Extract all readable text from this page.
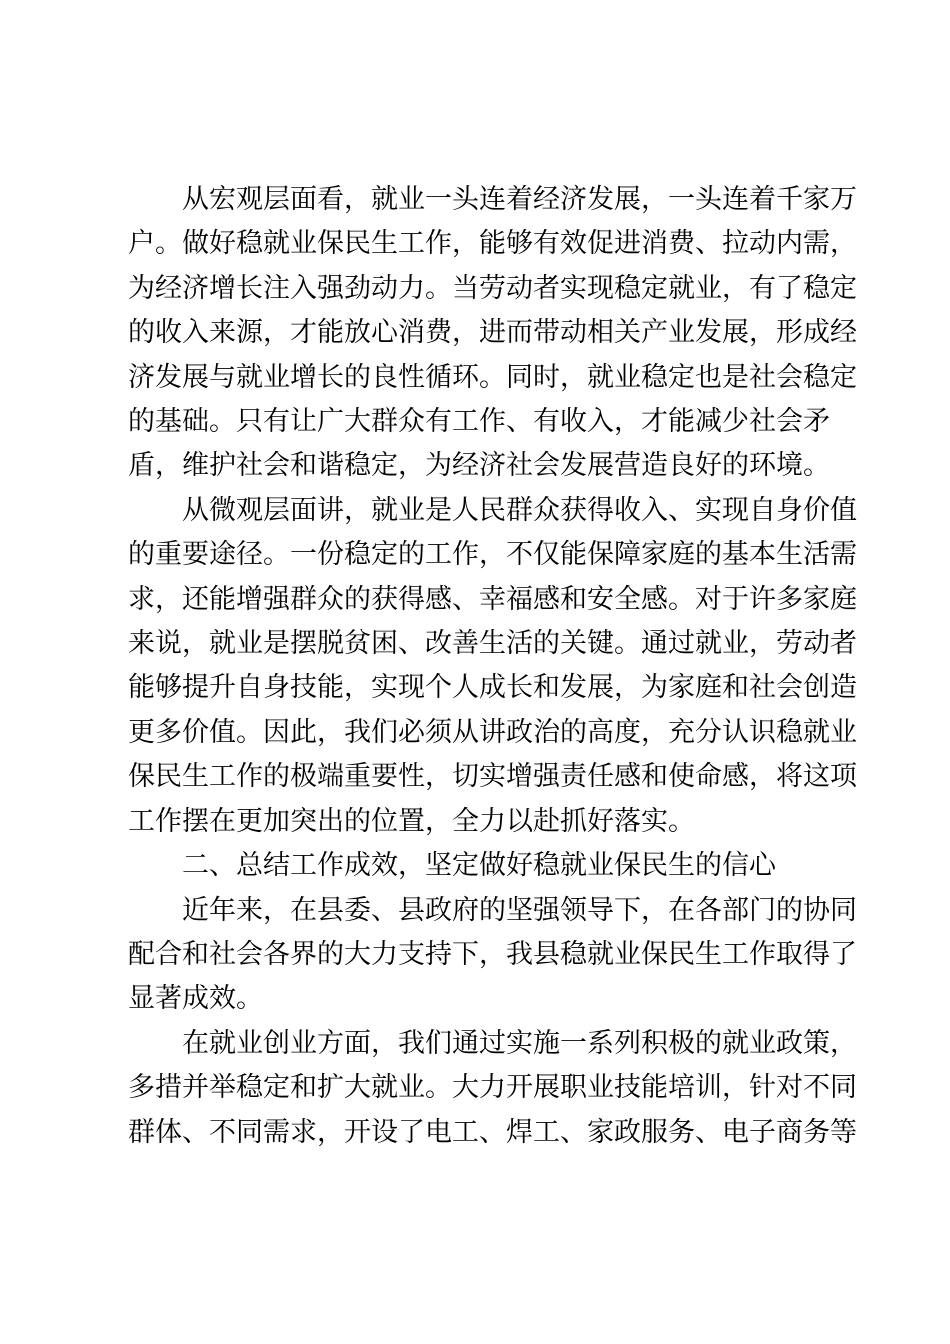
从宏观层面看，就业一头连着经济发展，一头连着千家万
户。做好稳就业保民生工作，能够有效促进消费、拉动内需，
为经济增长注入强劲动力。当劳动者实现稳定就业，有了稳定
的收入来源，才能放心消费，进而带动相关产业发展，形成经
济发展与就业增长的良性循环。同时，就业稳定也是社会稳定
的基础。只有让广大群众有工作、有收入，才能减少社会矛
盾，维护社会和谐稳定，为经济社会发展营造良好的环境。

从微观层面讲，就业是人民群众获得收入、实现自身价值
的重要途径。一份稳定的工作，不仅能保障家庭的基本生活需
求，还能增强群众的获得感、幸福感和安全感。对于许多家庭
来说，就业是摆脱贫困、改善生活的关键。通过就业，劳动者
能够提升自身技能，实现个人成长和发展，为家庭和社会创造
更多价值。因此，我们必须从讲政治的高度，充分认识稳就业
保民生工作的极端重要性，切实增强责任感和使命感，将这项
工作摆在更加突出的位置，全力以赴抓好落实。

二、总结工作成效，坚定做好稳就业保民生的信心

近年来，在县委、县政府的坚强领导下，在各部门的协同
配合和社会各界的大力支持下，我县稳就业保民生工作取得了
显著成效。

在就业创业方面，我们通过实施一系列积极的就业政策，
多措并举稳定和扩大就业。大力开展职业技能培训，针对不同
群体、不同需求，开设了电工、焊工、家政服务、电子商务等
